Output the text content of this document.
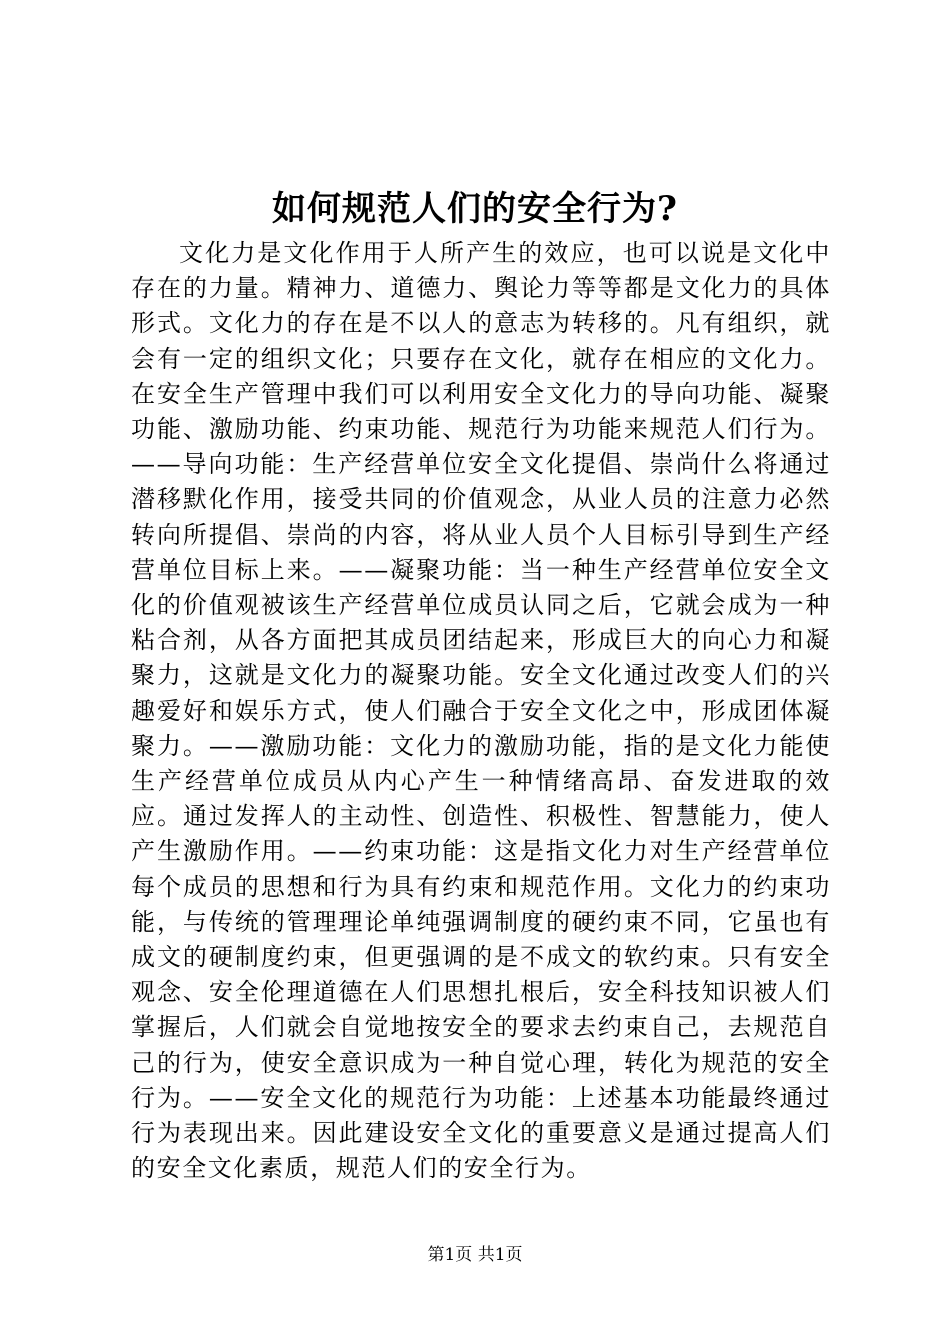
如何规范人们的安全行为?

文化力是文化作用于人所产生的效应，也可以说是文化中存在的力量。精神力、道德力、舆论力等等都是文化力的具体形式。文化力的存在是不以人的意志为转移的。凡有组织，就会有一定的组织文化；只要存在文化，就存在相应的文化力。在安全生产管理中我们可以利用安全文化力的导向功能、凝聚功能、激励功能、约束功能、规范行为功能来规范人们行为。——导向功能：生产经营单位安全文化提倡、崇尚什么将通过潜移默化作用，接受共同的价值观念，从业人员的注意力必然转向所提倡、崇尚的内容，将从业人员个人目标引导到生产经营单位目标上来。——凝聚功能：当一种生产经营单位安全文化的价值观被该生产经营单位成员认同之后，它就会成为一种粘合剂，从各方面把其成员团结起来，形成巨大的向心力和凝聚力，这就是文化力的凝聚功能。安全文化通过改变人们的兴趣爱好和娱乐方式，使人们融合于安全文化之中，形成团体凝聚力。——激励功能：文化力的激励功能，指的是文化力能使生产经营单位成员从内心产生一种情绪高昂、奋发进取的效应。通过发挥人的主动性、创造性、积极性、智慧能力，使人产生激励作用。——约束功能：这是指文化力对生产经营单位每个成员的思想和行为具有约束和规范作用。文化力的约束功能，与传统的管理理论单纯强调制度的硬约束不同，它虽也有成文的硬制度约束，但更强调的是不成文的软约束。只有安全观念、安全伦理道德在人们思想扎根后，安全科技知识被人们掌握后，人们就会自觉地按安全的要求去约束自己，去规范自己的行为，使安全意识成为一种自觉心理，转化为规范的安全行为。——安全文化的规范行为功能：上述基本功能最终通过行为表现出来。因此建设安全文化的重要意义是通过提高人们的安全文化素质，规范人们的安全行为。

第1页 共1页
